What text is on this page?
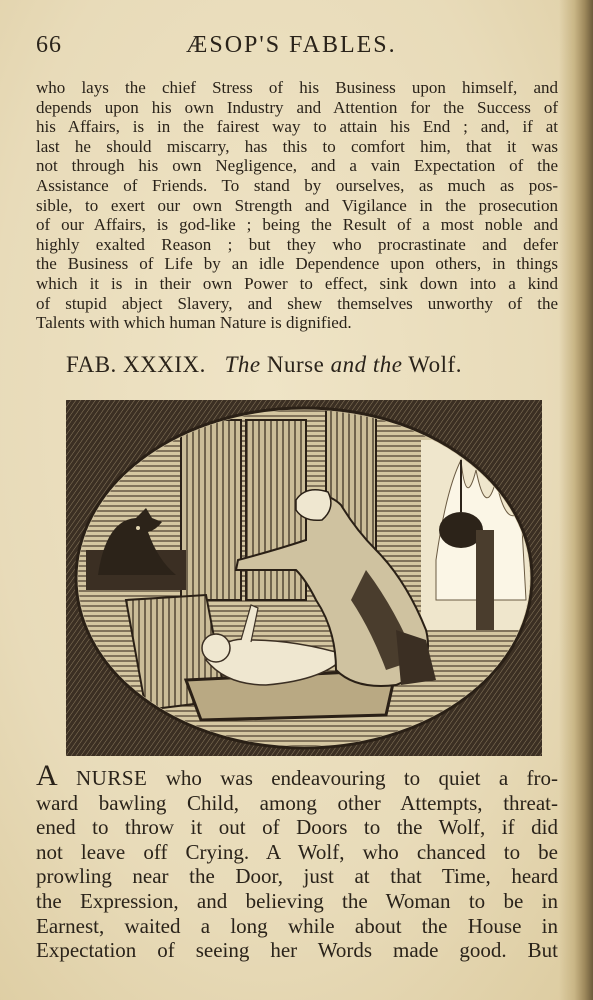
66	ÆSOP'S FABLES.
who lays the chief Stress of his Business upon himself, and
depends upon his own Industry and Attention for the Success of
his Affairs, is in the fairest way to attain his End ; and, if at
last he should miscarry, has this to comfort him, that it was
not through his own Negligence, and a vain Expectation of the
Assistance of Friends. To stand by ourselves, as much as pos-
sible, to exert our own Strength and Vigilance in the prosecution
of our Affairs, is god-like ; being the Result of a most noble and
highly exalted Reason ; but they who procrastinate and defer
the Business of Life by an idle Dependence upon others, in things
which it is in their own Power to effect, sink down into a kind
of stupid abject Slavery, and shew themselves unworthy of the
Talents with which human Nature is dignified.
FAB. XXXIX. The Nurse and the Wolf.
A NURSE who was endeavouring to quiet a fro-
ward bawling Child, among other Attempts, threat-
ened to throw it out of Doors to the Wolf, if did
not leave off Crying. A Wolf, who chanced to be
prowling near the Door, just at that Time, heard
the Expression, and believing the Woman to be in
Earnest, waited a long while about the House in
Expectation of seeing her Words made good. But
